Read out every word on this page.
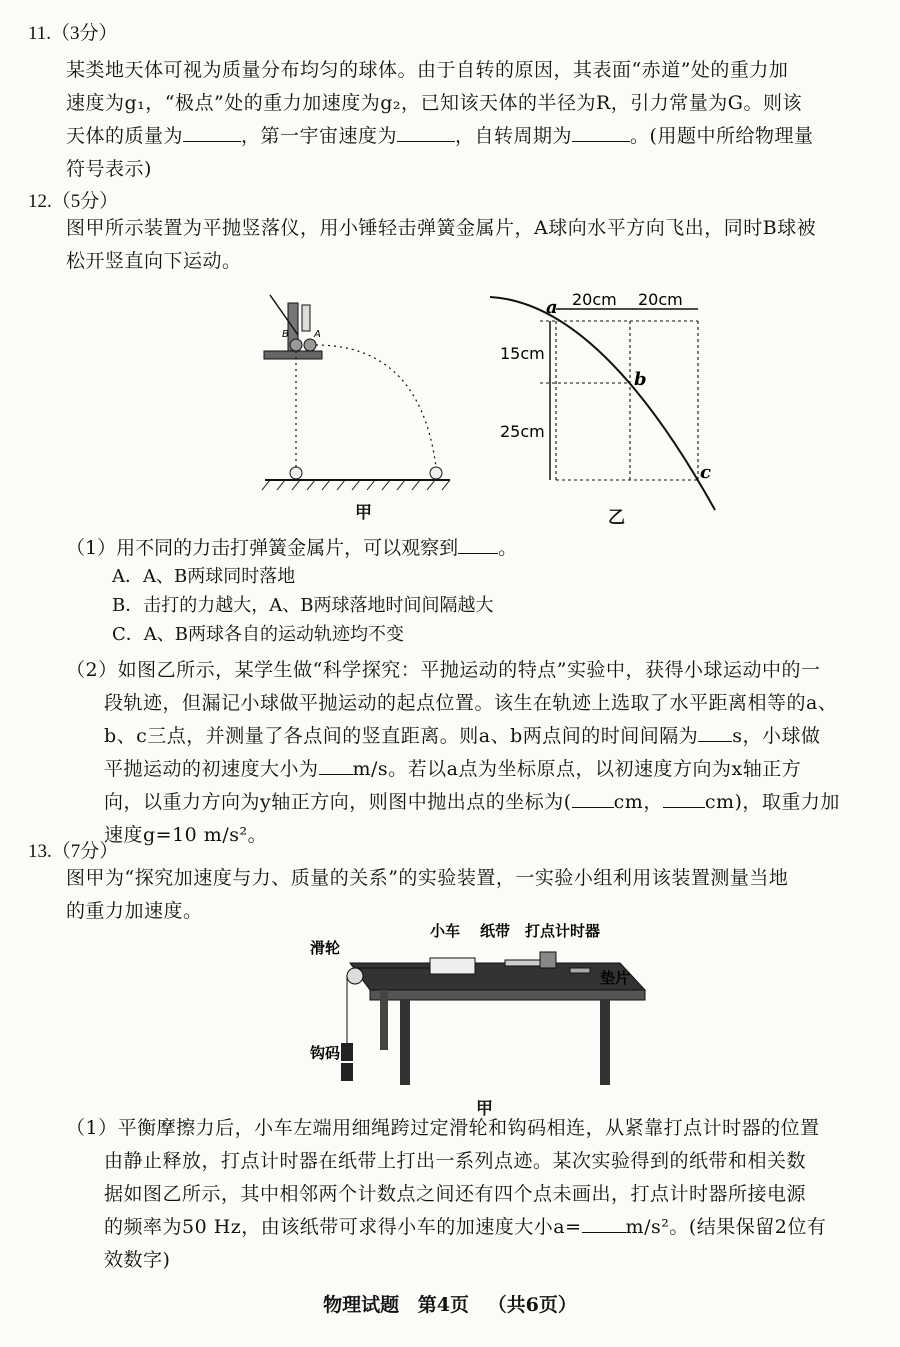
11.（3分）
某类地天体可视为质量分布均匀的球体。由于自转的原因，其表面“赤道”处的重力加
速度为g₁，“极点”处的重力加速度为g₂，已知该天体的半径为R，引力常量为G。则该
天体的质量为	，第一宇宙速度为	，自转周期为	。(用题中所给物理量
符号表示)
12.（5分）
图甲所示装置为平抛竖落仪，用小锤轻击弹簧金属片，A球向水平方向飞出，同时B球被
松开竖直向下运动。
B	A
甲
a
b
c
20cm 20cm
15cm
25cm
乙
（1）用不同的力击打弹簧金属片，可以观察到 。
A．A、B两球同时落地
B．击打的力越大，A、B两球落地时间间隔越大
C．A、B两球各自的运动轨迹均不变
（2）如图乙所示，某学生做“科学探究：平抛运动的特点”实验中，获得小球运动中的一
段轨迹，但漏记小球做平抛运动的起点位置。该生在轨迹上选取了水平距离相等的a、
b、c三点，并测量了各点间的竖直距离。则a、b两点间的时间间隔为 s，小球做
平抛运动的初速度大小为 m/s。若以a点为坐标原点，以初速度方向为x轴正方
向，以重力方向为y轴正方向，则图中抛出点的坐标为( cm， cm)，取重力加
速度g=10 m/s²。
13.（7分）
图甲为“探究加速度与力、质量的关系”的实验装置，一实验小组利用该装置测量当地
的重力加速度。
小车 纸带 打点计时器
滑轮
垫片
钩码
甲
（1）平衡摩擦力后，小车左端用细绳跨过定滑轮和钩码相连，从紧靠打点计时器的位置
由静止释放，打点计时器在纸带上打出一系列点迹。某次实验得到的纸带和相关数
据如图乙所示，其中相邻两个计数点之间还有四个点未画出，打点计时器所接电源
的频率为50 Hz，由该纸带可求得小车的加速度大小a= m/s²。(结果保留2位有
效数字)
物理试题 第4页 （共6页）
